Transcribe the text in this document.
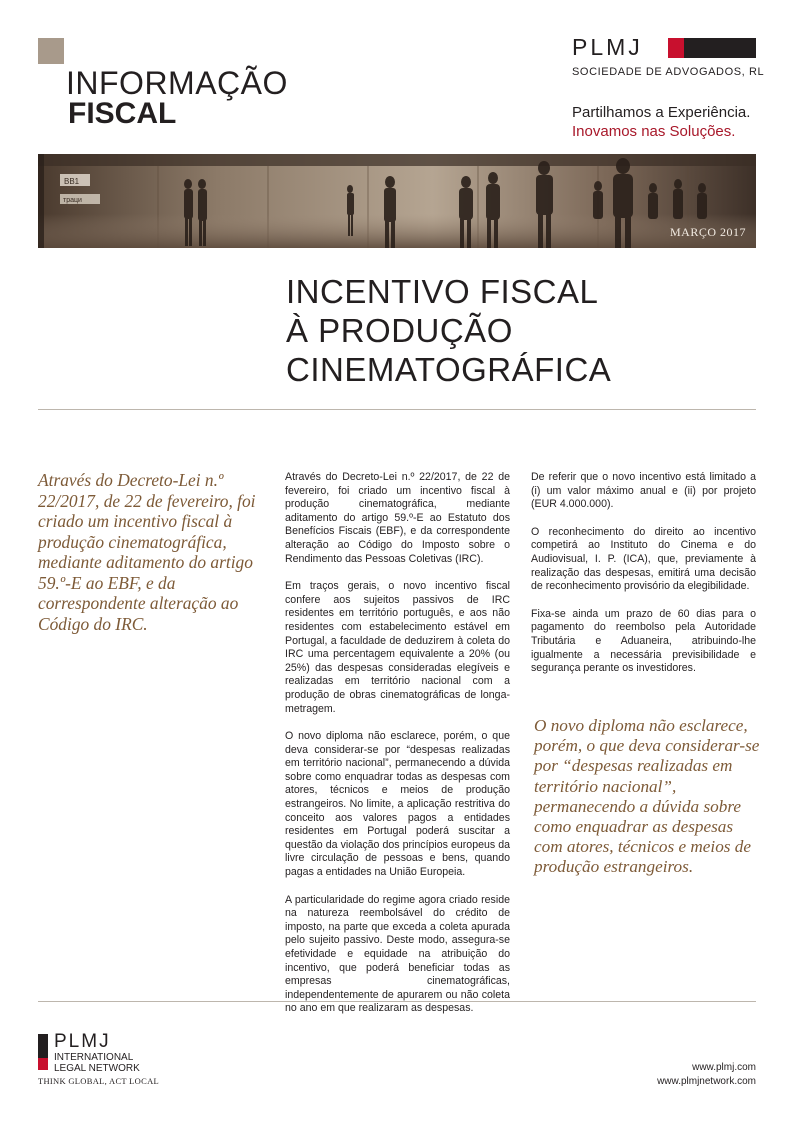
INFORMAÇÃO
FISCAL
PLMJ
SOCIEDADE DE ADVOGADOS, RL
Partilhamos a Experiência.
Inovamos nas Soluções.
BB1
траци
MARÇO 2017
INCENTIVO FISCAL
À PRODUÇÃO
CINEMATOGRÁFICA
Através do Decreto-Lei n.º 22/2017, de 22 de fevereiro, foi criado um incentivo fiscal à produção cinematográfica, mediante aditamento do artigo 59.º-E ao EBF, e da correspondente alteração ao Código do IRC.

Através do Decreto-Lei n.º 22/2017, de 22 de fevereiro, foi criado um incentivo fiscal à produção cinematográfica, mediante aditamento do artigo 59.º-E ao Estatuto dos Benefícios Fiscais (EBF), e da correspondente alteração ao Código do Imposto sobre o Rendimento das Pessoas Coletivas (IRC).

Em traços gerais, o novo incentivo fiscal confere aos sujeitos passivos de IRC residentes em território português, e aos não residentes com estabelecimento estável em Portugal, a faculdade de deduzirem à coleta do IRC uma percentagem equivalente a 20% (ou 25%) das despesas consideradas elegíveis e realizadas em território nacional com a produção de obras cinematográficas de longa-metragem.

O novo diploma não esclarece, porém, o que deva considerar-se por “despesas realizadas em território nacional”, permanecendo a dúvida sobre como enquadrar todas as despesas com atores, técnicos e meios de produção estrangeiros. No limite, a aplicação restritiva do conceito aos valores pagos a entidades residentes em Portugal poderá suscitar a questão da violação dos princípios europeus da livre circulação de pessoas e bens, quando pagas a entidades na União Europeia.

A particularidade do regime agora criado reside na natureza reembolsável do crédito de imposto, na parte que exceda a coleta apurada pelo sujeito passivo. Deste modo, assegura-se efetividade e equidade na atribuição do incentivo, que poderá beneficiar todas as empresas cinematográficas, independentemente de apurarem ou não coleta no ano em que realizaram as despesas.

De referir que o novo incentivo está limitado a (i) um valor máximo anual e (ii) por projeto (EUR 4.000.000).

O reconhecimento do direito ao incentivo competirá ao Instituto do Cinema e do Audiovisual, I. P. (ICA), que, previamente à realização das despesas, emitirá uma decisão de reconhecimento provisório da elegibilidade.

Fixa-se ainda um prazo de 60 dias para o pagamento do reembolso pela Autoridade Tributária e Aduaneira, atribuindo-lhe igualmente a necessária previsibilidade e segurança perante os investidores.

O novo diploma não esclarece, porém, o que deva considerar-se por “despesas realizadas em território nacional”, permanecendo a dúvida sobre como enquadrar as despesas com atores, técnicos e meios de produção estrangeiros.
PLMJ
INTERNATIONAL
LEGAL NETWORK
THINK GLOBAL, ACT LOCAL
www.plmj.com
www.plmjnetwork.com
